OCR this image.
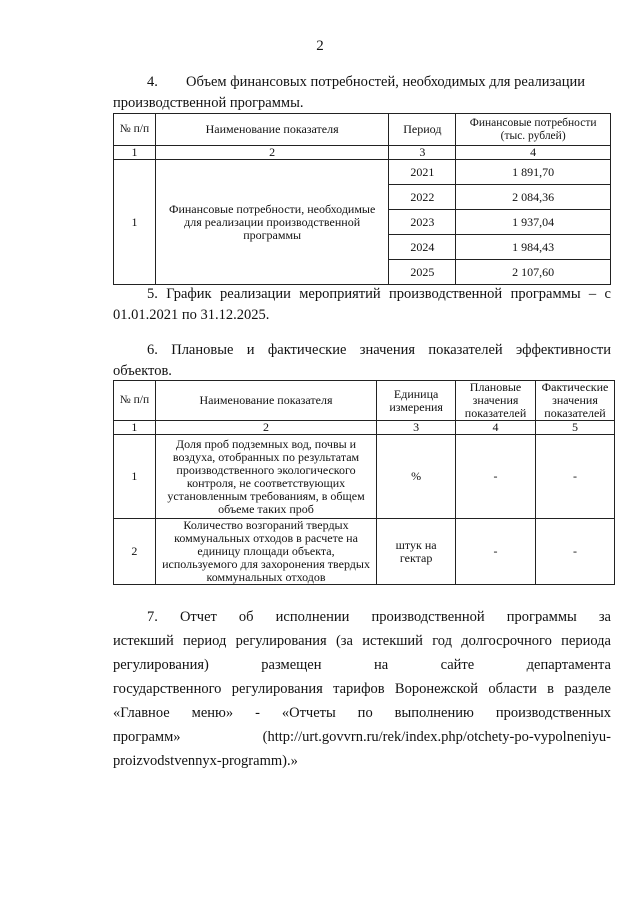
2
4. Объем финансовых потребностей, необходимых для реализации
производственной программы.
№ п/п	Наименование показателя	Период	Финансовые потребности (тыс. рублей)
1	2	3	4
1	Финансовые потребности, необходимые для реализации производственной программы	2021	1 891,70
		2022	2 084,36
		2023	1 937,04
		2024	1 984,43
		2025	2 107,60
5. График реализации мероприятий производственной программы – с
01.01.2021 по 31.12.2025.
6. Плановые и фактические значения показателей эффективности
объектов.
№ п/п	Наименование показателя	Единица измерения	Плановые значения показателей	Фактические значения показателей
1	2	3	4	5
1	Доля проб подземных вод, почвы и воздуха, отобранных по результатам производственного экологического контроля, не соответствующих установленным требованиям, в общем объеме таких проб	%	-	-
2	Количество возгораний твердых коммунальных отходов в расчете на единицу площади объекта, используемого для захоронения твердых коммунальных отходов	штук на гектар	-	-
7. Отчет об исполнении производственной программы за
истекший период регулирования (за истекший год долгосрочного периода
регулирования) размещен на сайте департамента
государственного регулирования тарифов Воронежской области в разделе
«Главное меню» - «Отчеты по выполнению производственных
программ» (http://urt.govvrn.ru/rek/index.php/otchety-po-vypolneniyu-
proizvodstvennyx-programm).»
